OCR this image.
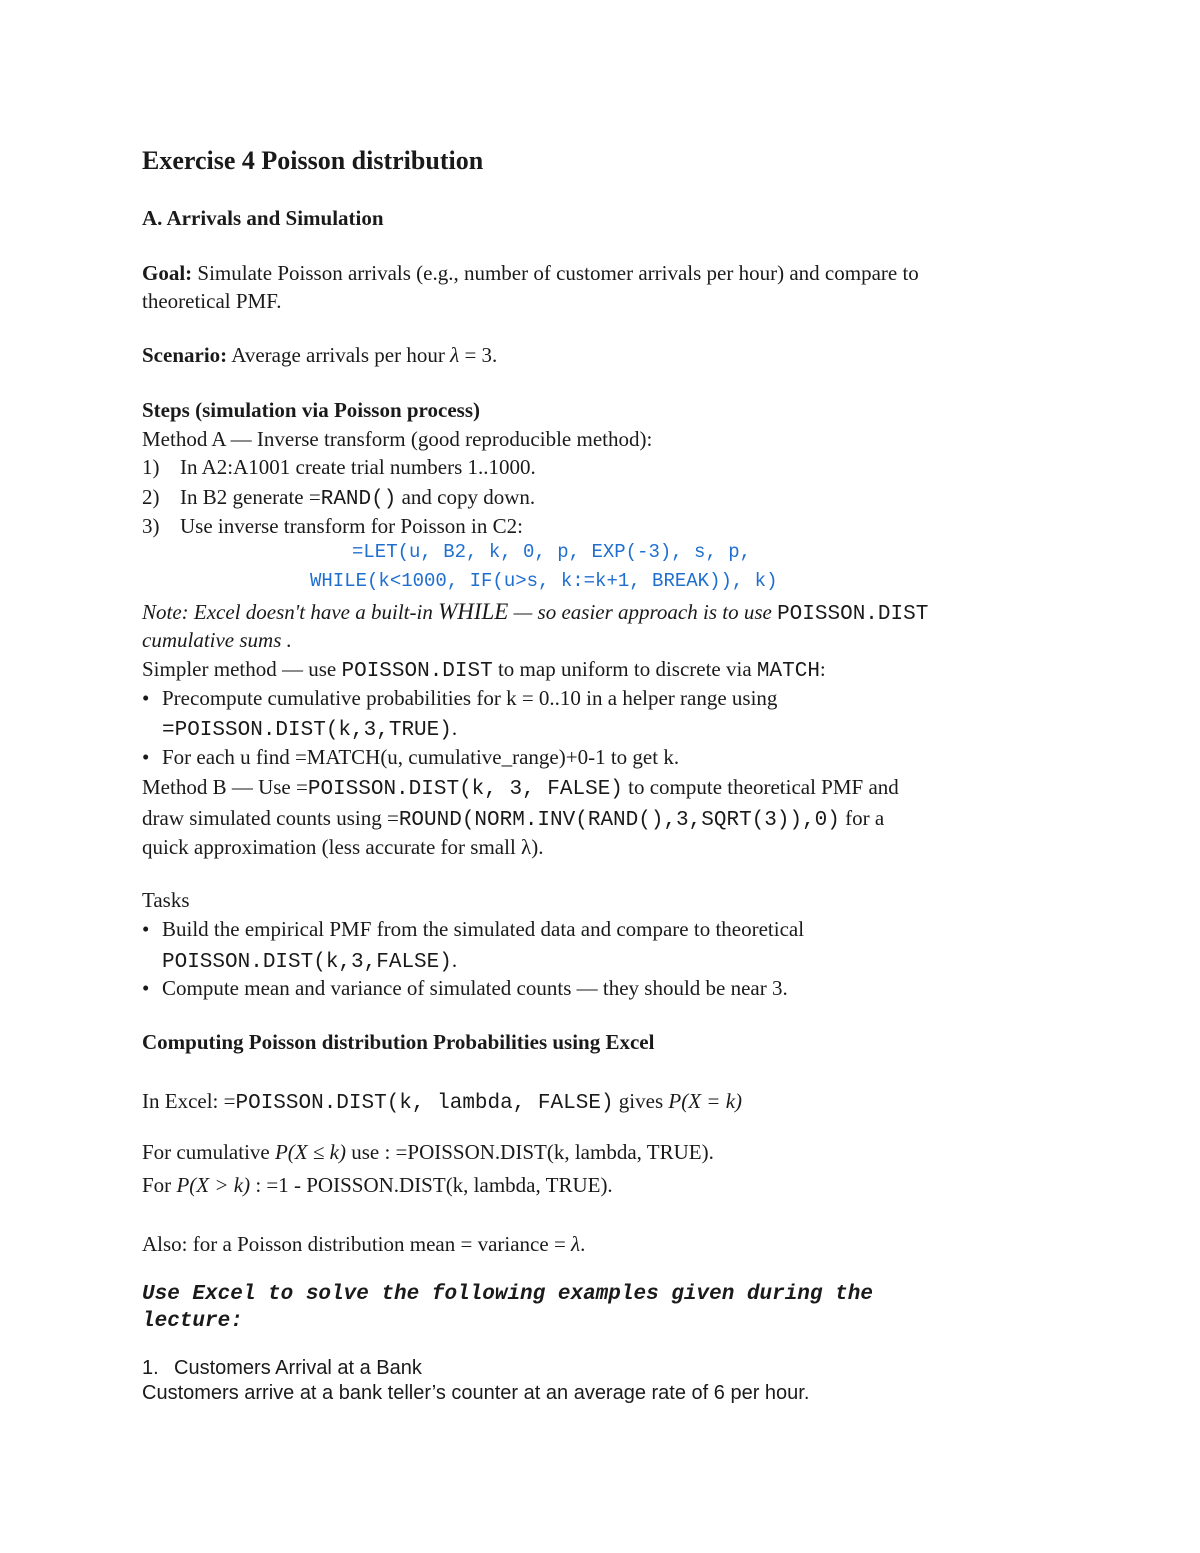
Exercise 4 Poisson distribution
A. Arrivals and Simulation
Goal: Simulate Poisson arrivals (e.g., number of customer arrivals per hour) and compare to
theoretical PMF.
Scenario: Average arrivals per hour λ = 3.
Steps (simulation via Poisson process)
Method A — Inverse transform (good reproducible method):
1) In A2:A1001 create trial numbers 1..1000.
2) In B2 generate =RAND() and copy down.
3) Use inverse transform for Poisson in C2:
=LET(u, B2, k, 0, p, EXP(-3), s, p,
WHILE(k<1000, IF(u>s, k:=k+1, BREAK)), k)
Note: Excel doesn't have a built-in WHILE — so easier approach is to use POISSON.DIST
cumulative sums .
Simpler method — use POISSON.DIST to map uniform to discrete via MATCH:
• Precompute cumulative probabilities for k = 0..10 in a helper range using
=POISSON.DIST(k,3,TRUE).
• For each u find =MATCH(u, cumulative_range)+0-1 to get k.
Method B — Use =POISSON.DIST(k, 3, FALSE) to compute theoretical PMF and
draw simulated counts using =ROUND(NORM.INV(RAND(),3,SQRT(3)),0) for a
quick approximation (less accurate for small λ).
Tasks
• Build the empirical PMF from the simulated data and compare to theoretical
POISSON.DIST(k,3,FALSE).
• Compute mean and variance of simulated counts — they should be near 3.
Computing Poisson distribution Probabilities using Excel
In Excel: =POISSON.DIST(k, lambda, FALSE) gives P(X = k)
For cumulative P(X ≤ k) use : =POISSON.DIST(k, lambda, TRUE).
For P(X > k) : =1 - POISSON.DIST(k, lambda, TRUE).
Also: for a Poisson distribution mean = variance = λ.
Use Excel to solve the following examples given during the
lecture:
1. Customers Arrival at a Bank
Customers arrive at a bank teller’s counter at an average rate of 6 per hour.
